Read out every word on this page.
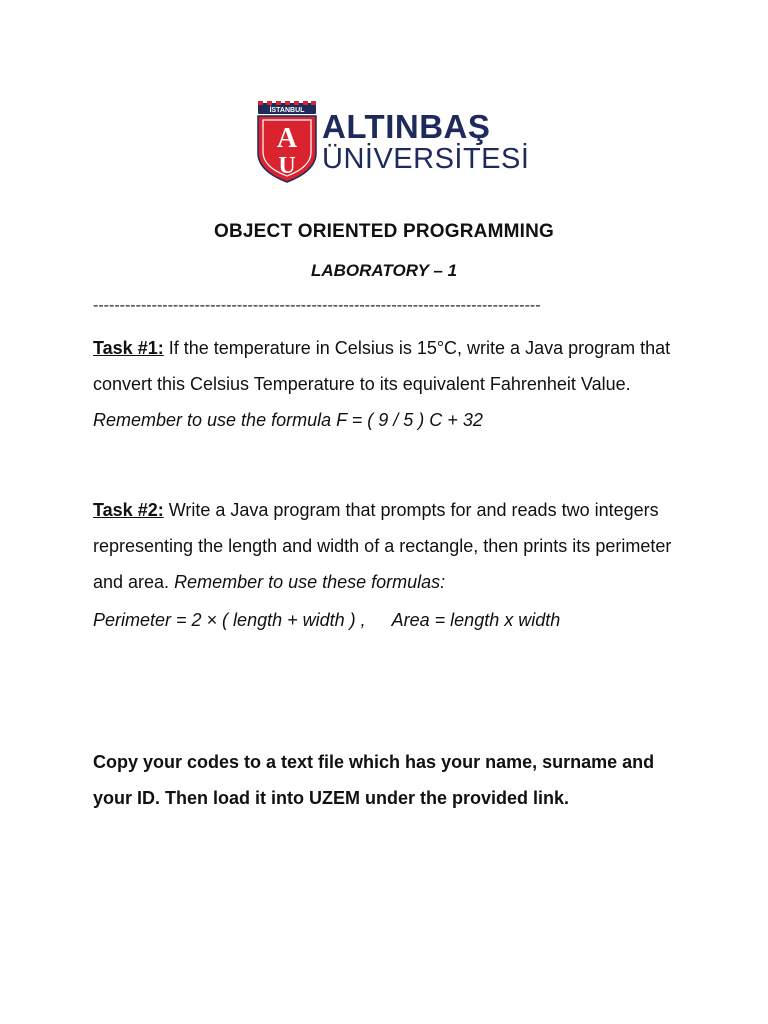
İSTANBUL
A
U
ALTINBAŞ
ÜNİVERSİTESİ
OBJECT ORIENTED PROGRAMMING
LABORATORY – 1
------------------------------------------------------------------------------------
Task #1: If the temperature in Celsius is 15°C, write a Java program that convert this Celsius Temperature to its equivalent Fahrenheit Value. Remember to use the formula F = ( 9 / 5 ) C + 32
Task #2: Write a Java program that prompts for and reads two integers representing the length and width of a rectangle, then prints its perimeter and area. Remember to use these formulas:
Perimeter = 2 × ( length + width ) , Area = length x width
Copy your codes to a text file which has your name, surname and your ID. Then load it into UZEM under the provided link.
